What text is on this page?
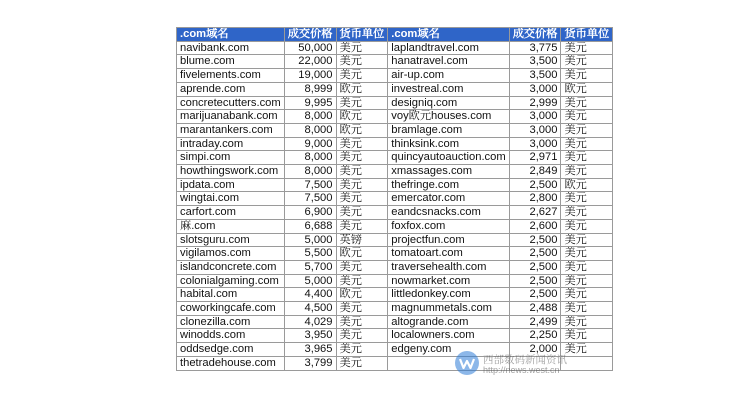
.com域名	成交价格	货币单位	.com域名	成交价格	货币单位
navibank.com	50,000	美元	laplandtravel.com	3,775	美元
blume.com	22,000	美元	hanatravel.com	3,500	美元
fivelements.com	19,000	美元	air-up.com	3,500	美元
aprende.com	8,999	欧元	investreal.com	3,000	欧元
concretecutters.com	9,995	美元	designiq.com	2,999	美元
marijuanabank.com	8,000	欧元	voy欧元houses.com	3,000	美元
marantankers.com	8,000	欧元	bramlage.com	3,000	美元
intraday.com	9,000	美元	thinksink.com	3,000	美元
simpi.com	8,000	美元	quincyautoauction.com	2,971	美元
howthingswork.com	8,000	美元	xmassages.com	2,849	美元
ipdata.com	7,500	美元	thefringe.com	2,500	欧元
wingtai.com	7,500	美元	emercator.com	2,800	美元
carfort.com	6,900	美元	eandcsnacks.com	2,627	美元
麻.com	6,688	美元	foxfox.com	2,600	美元
slotsguru.com	5,000	英镑	projectfun.com	2,500	美元
vigilamos.com	5,500	欧元	tomatoart.com	2,500	美元
islandconcrete.com	5,700	美元	traversehealth.com	2,500	美元
colonialgaming.com	5,000	美元	nowmarket.com	2,500	美元
habital.com	4,400	欧元	littledonkey.com	2,500	美元
coworkingcafe.com	4,500	美元	magnummetals.com	2,488	美元
clonezilla.com	4,029	美元	altogrande.com	2,499	美元
winodds.com	3,950	美元	localowners.com	2,250	美元
oddsedge.com	3,965	美元	edgeny.com	2,000	美元
thetradehouse.com	3,799	美元				西部数码新闻资讯
http://news.west.cn
